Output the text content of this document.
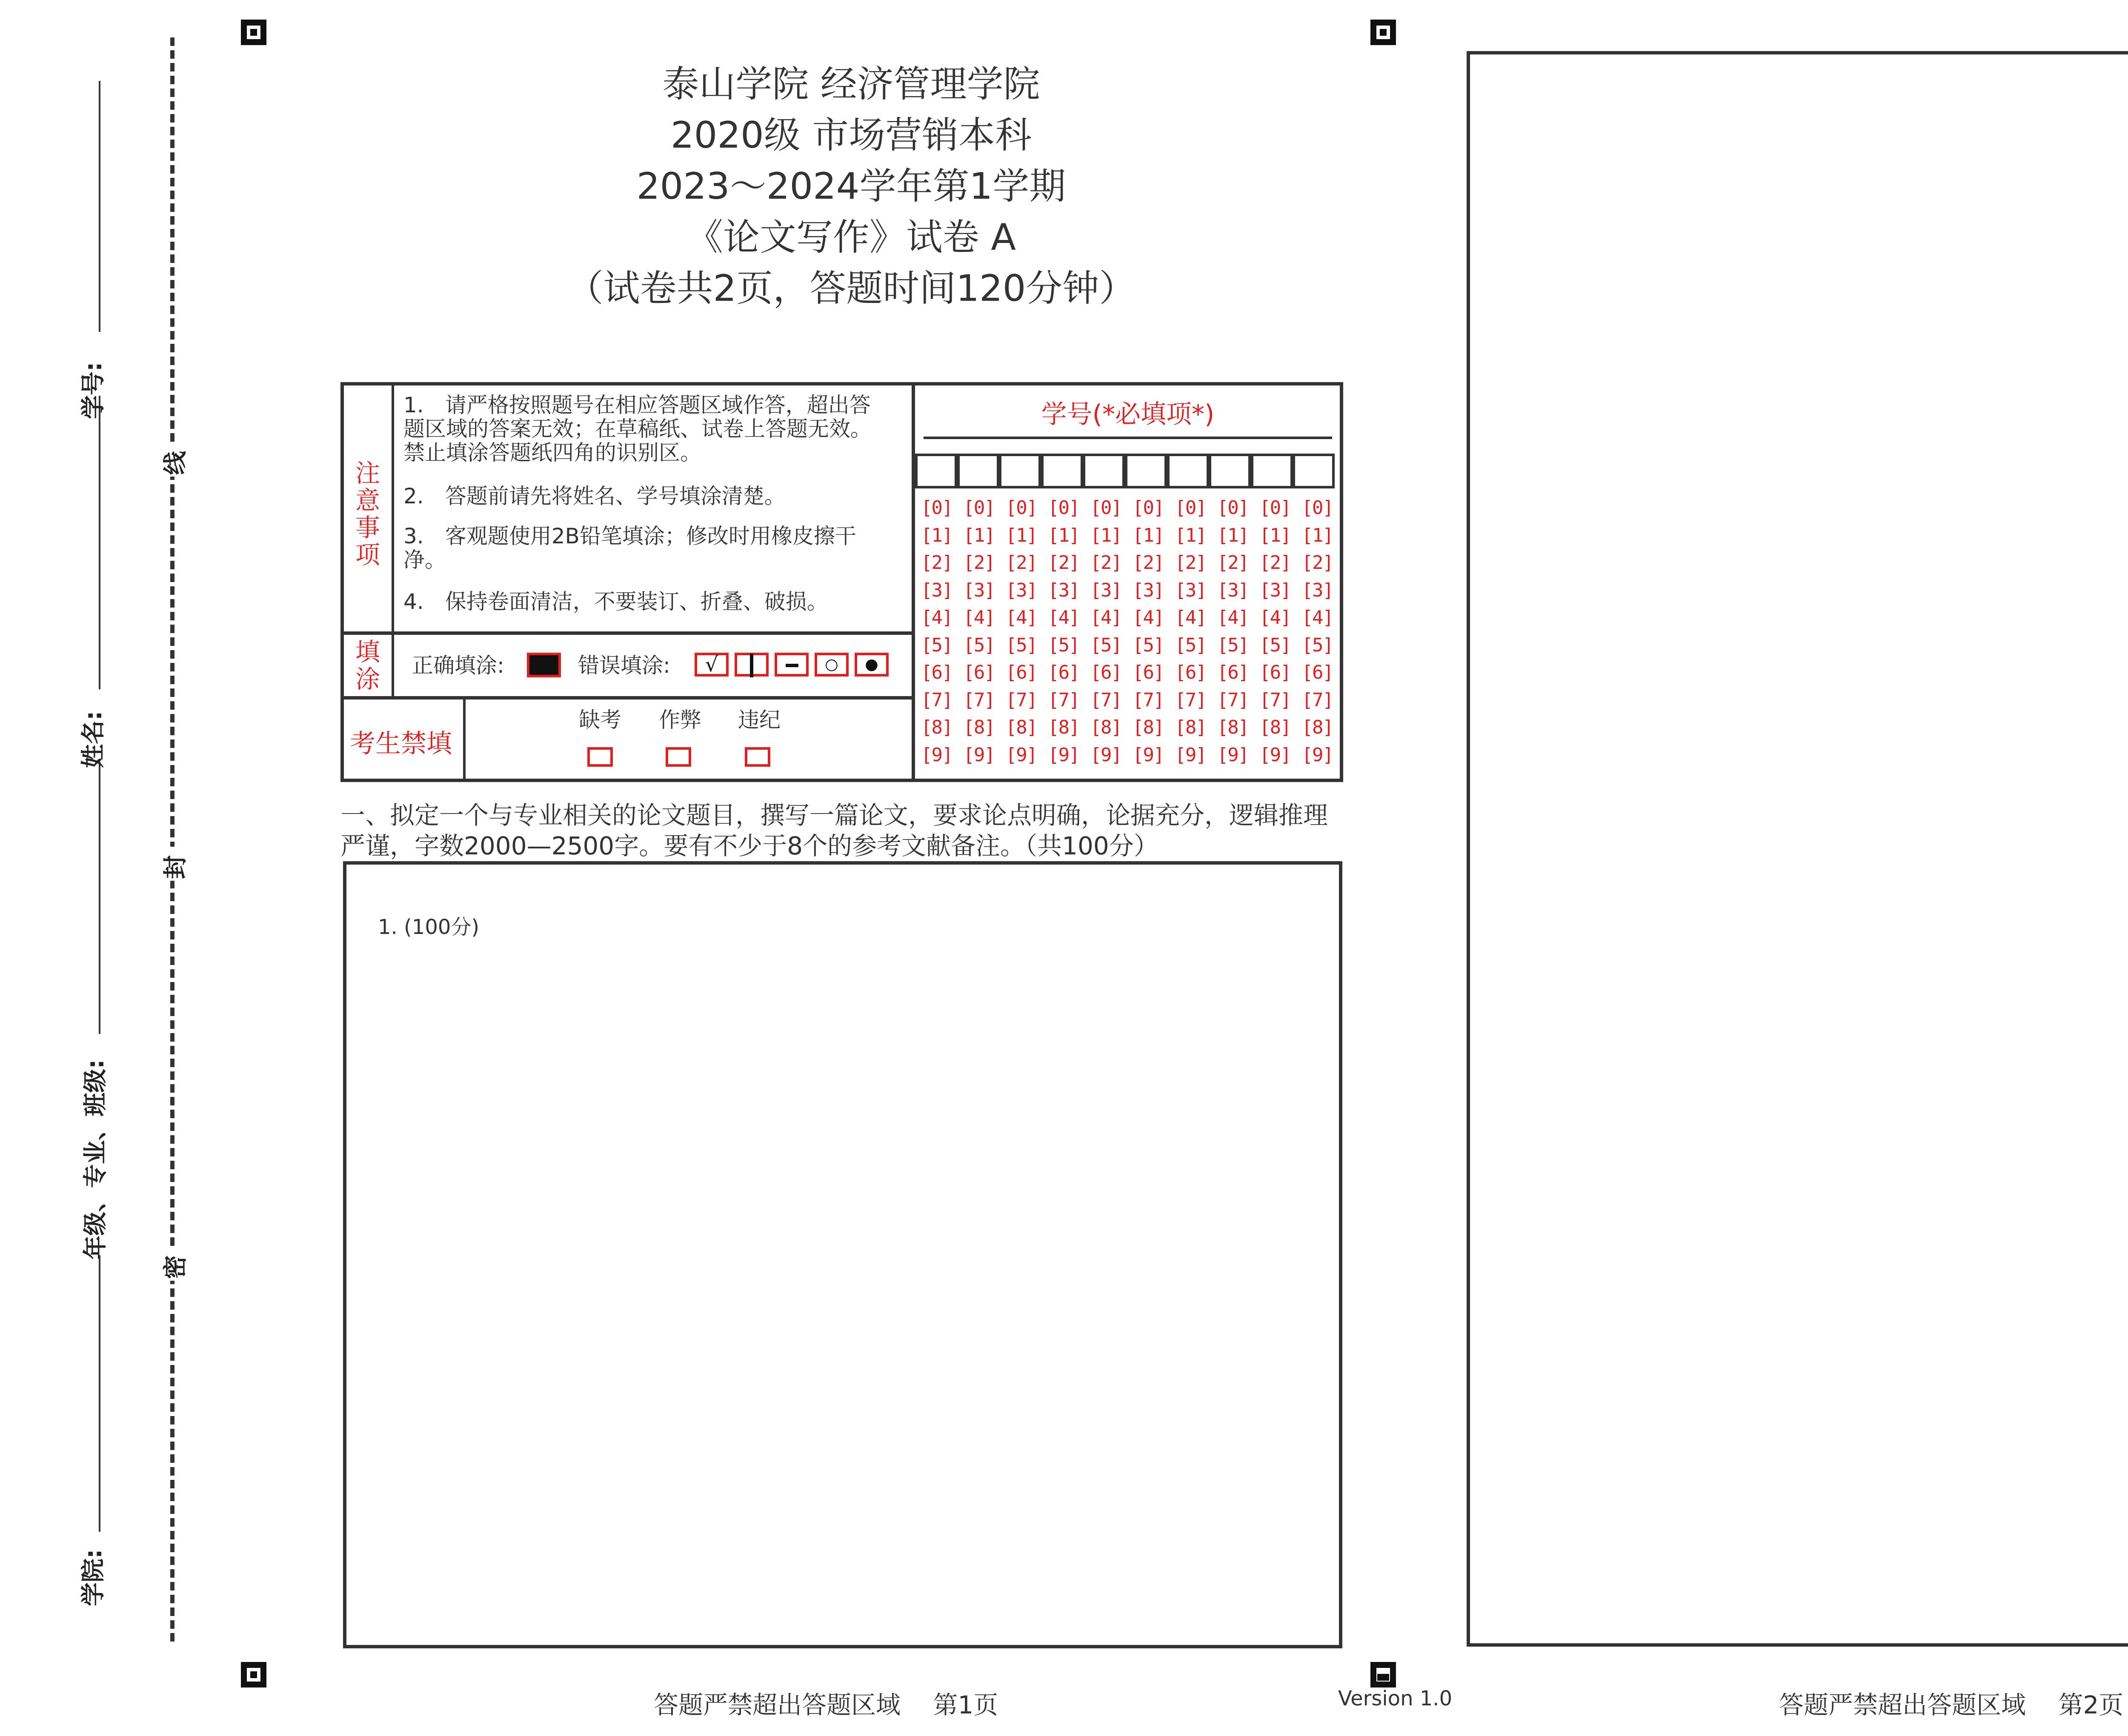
学号:
姓名:
年级、专业、班级:
学院:
线
封
密
泰山学院 经济管理学院
2020级 市场营销本科
2023～2024学年第1学期
《论文写作》试卷 A
（试卷共2页，答题时间120分钟）
注意事项
1.　请严格按照题号在相应答题区域作答，超出答题区域的答案无效；在草稿纸、试卷上答题无效。禁止填涂答题纸四角的识别区。
2.　答题前请先将姓名、学号填涂清楚。
3.　客观题使用2B铅笔填涂；修改时用橡皮擦干净。
4.　保持卷面清洁，不要装订、折叠、破损。
填涂 正确填涂:	错误填涂:	√	○	●
考生禁填
缺考 作弊 违纪
学号(*必填项*)
[0] [0] [0] [0] [0] [0] [0] [0] [0] [0]
[1] [1] [1] [1] [1] [1] [1] [1] [1] [1]
[2] [2] [2] [2] [2] [2] [2] [2] [2] [2]
[3] [3] [3] [3] [3] [3] [3] [3] [3] [3]
[4] [4] [4] [4] [4] [4] [4] [4] [4] [4]
[5] [5] [5] [5] [5] [5] [5] [5] [5] [5]
[6] [6] [6] [6] [6] [6] [6] [6] [6] [6]
[7] [7] [7] [7] [7] [7] [7] [7] [7] [7]
[8] [8] [8] [8] [8] [8] [8] [8] [8] [8]
[9] [9] [9] [9] [9] [9] [9] [9] [9] [9]
一、拟定一个与专业相关的论文题目，撰写一篇论文，要求论点明确，论据充分，逻辑推理严谨，字数2000—2500字。要有不少于8个的参考文献备注。（共100分）
1. (100分)
答题严禁超出答题区域　 第1页	Version 1.0	答题严禁超出答题区域　 第2页
